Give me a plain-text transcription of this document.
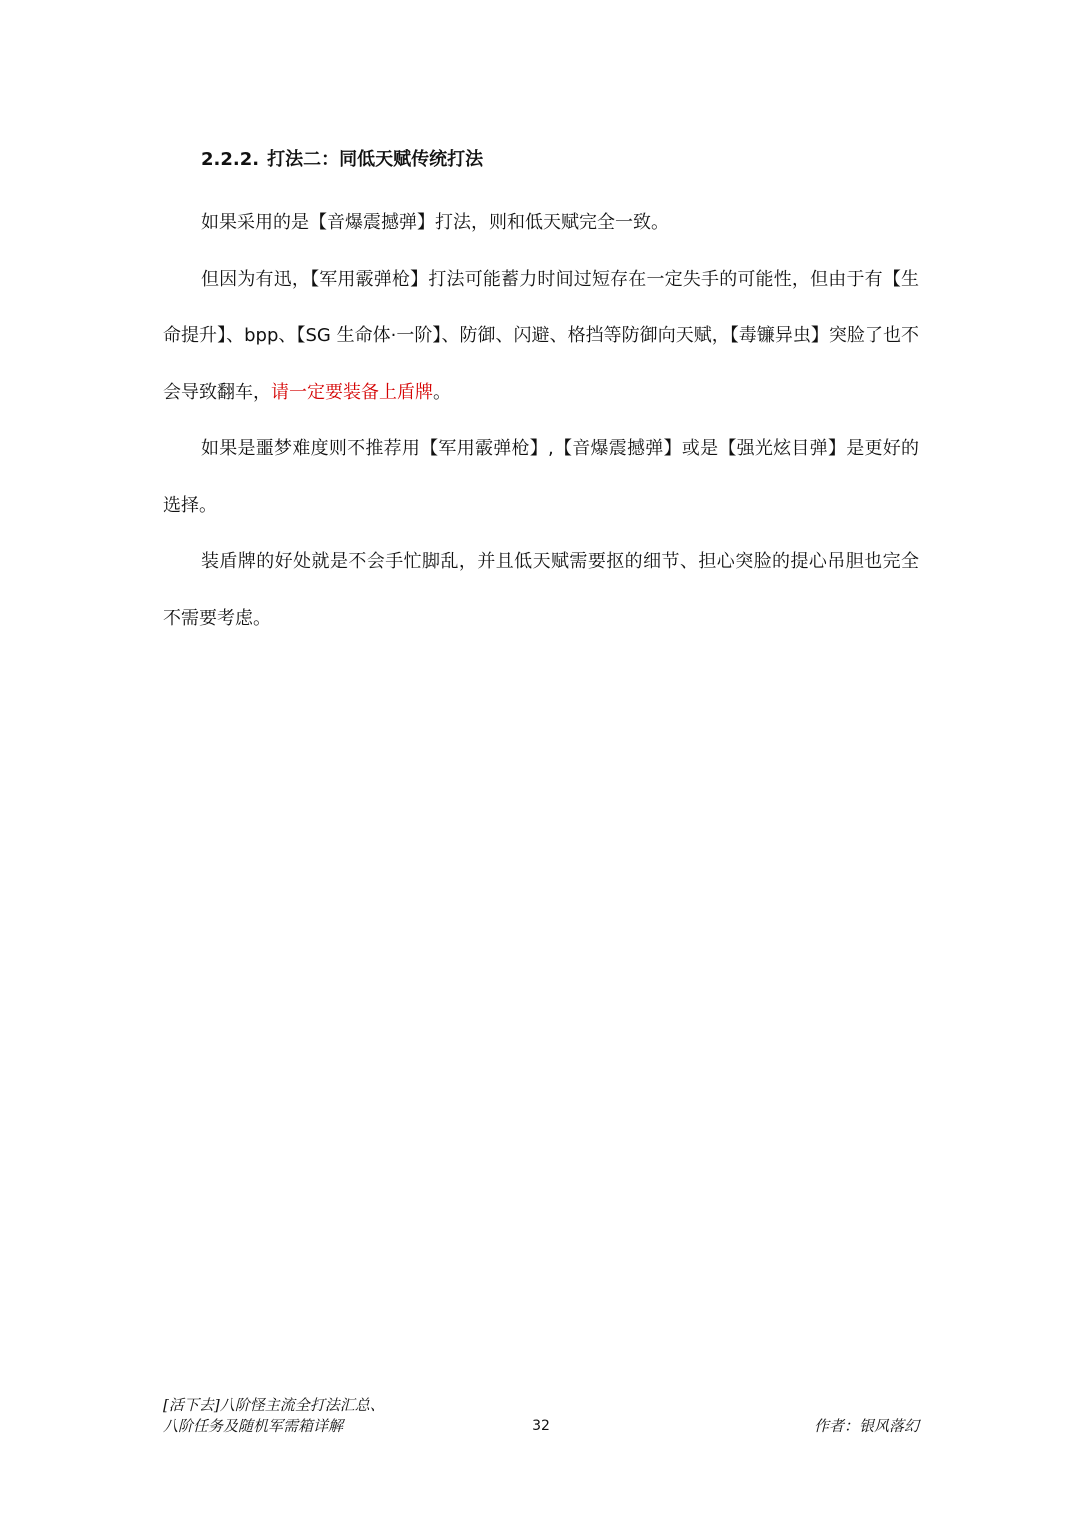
2.2.2. 打法二：同低天赋传统打法

如果采用的是【音爆震撼弹】打法，则和低天赋完全一致。

但因为有迅，【军用霰弹枪】打法可能蓄力时间过短存在一定失手的可能性，但由于有【生命提升】、bpp、【SG 生命体·一阶】、防御、闪避、格挡等防御向天赋，【毒镰异虫】突脸了也不会导致翻车，请一定要装备上盾牌。

如果是噩梦难度则不推荐用【军用霰弹枪】,【音爆震撼弹】或是【强光炫目弹】是更好的选择。

装盾牌的好处就是不会手忙脚乱，并且低天赋需要抠的细节、担心突脸的提心吊胆也完全不需要考虑。

[活下去]八阶怪主流全打法汇总、
八阶任务及随机军需箱详解	32	作者：银风落幻
